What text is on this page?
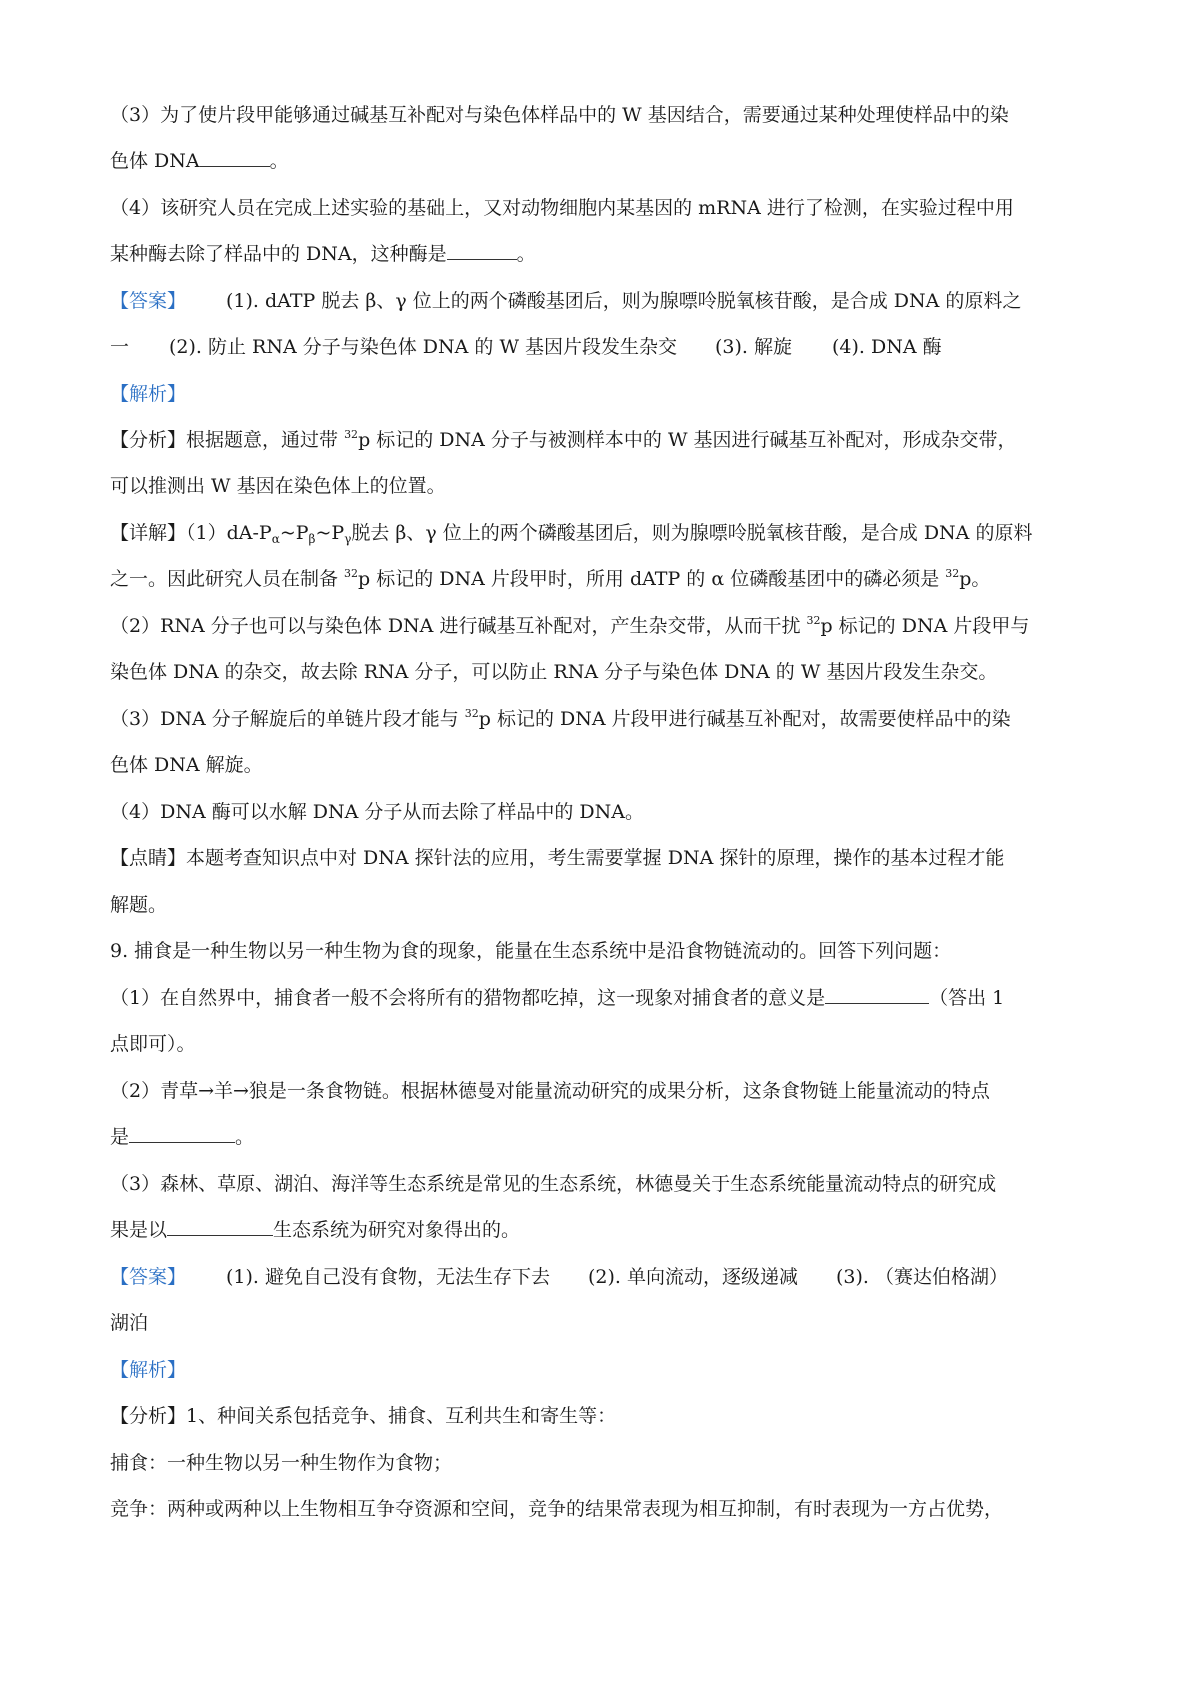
（3）为了使片段甲能够通过碱基互补配对与染色体样品中的 W 基因结合，需要通过某种处理使样品中的染
色体 DNA	。
（4）该研究人员在完成上述实验的基础上，又对动物细胞内某基因的 mRNA 进行了检测，在实验过程中用
某种酶去除了样品中的 DNA，这种酶是	。
【答案】 (1). dATP 脱去 β、γ 位上的两个磷酸基团后，则为腺嘌呤脱氧核苷酸，是合成 DNA 的原料之
一 (2). 防止 RNA 分子与染色体 DNA 的 W 基因片段发生杂交 (3). 解旋 (4). DNA 酶
【解析】
【分析】根据题意，通过带 $^{32}$p 标记的 DNA 分子与被测样本中的 W 基因进行碱基互补配对，形成杂交带，
可以推测出 W 基因在染色体上的位置。
【详解】$(1)dA-P_\alpha\sim P_\beta\sim P_\gamma$脱去 β、γ 位上的两个磷酸基团后，则为腺嘌呤脱氧核苷酸，是合成 DNA 的原料
之一。因此研究人员在制备 $^{32}$p 标记的 DNA 片段甲时，所用 dATP 的 α 位磷酸基团中的磷必须是 $^{32}$p。
（2）RNA 分子也可以与染色体 DNA 进行碱基互补配对，产生杂交带，从而干扰 $^{32}$p 标记的 DNA 片段甲与
染色体 DNA 的杂交，故去除 RNA 分子，可以防止 RNA 分子与染色体 DNA 的 W 基因片段发生杂交。
（3）DNA 分子解旋后的单链片段才能与 $^{32}$p 标记的 DNA 片段甲进行碱基互补配对，故需要使样品中的染
色体 DNA 解旋。
（4）DNA 酶可以水解 DNA 分子从而去除了样品中的 DNA。
【点睛】本题考查知识点中对 DNA 探针法的应用，考生需要掌握 DNA 探针的原理，操作的基本过程才能
解题。
9. 捕食是一种生物以另一种生物为食的现象，能量在生态系统中是沿食物链流动的。回答下列问题：
（1）在自然界中，捕食者一般不会将所有的猎物都吃掉，这一现象对捕食者的意义是	（答出 1
点即可）。
（2）青草→羊→狼是一条食物链。根据林德曼对能量流动研究的成果分析，这条食物链上能量流动的特点
是	。
（3）森林、草原、湖泊、海洋等生态系统是常见的生态系统，林德曼关于生态系统能量流动特点的研究成
果是以	生态系统为研究对象得出的。
【答案】 (1). 避免自己没有食物，无法生存下去 (2). 单向流动，逐级递减 (3). （赛达伯格湖）
湖泊
【解析】
【分析】1、种间关系包括竞争、捕食、互利共生和寄生等：
捕食：一种生物以另一种生物作为食物；
竞争：两种或两种以上生物相互争夺资源和空间，竞争的结果常表现为相互抑制，有时表现为一方占优势，
